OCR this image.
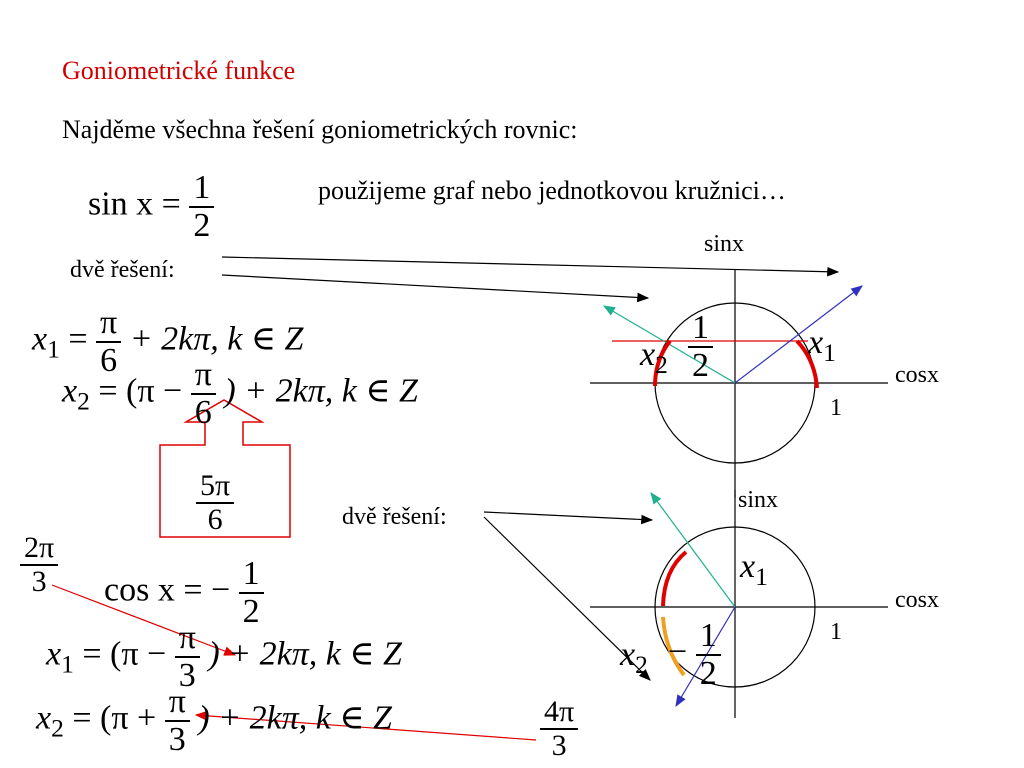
Goniometrické funkce
Najděme všechna řešení goniometrických rovnic:
použijeme graf nebo jednotkovou kružnici…
$\sin x = \frac{1}{2}$
dvě řešení:
$x_1 = \frac{\pi}{6} + 2k\pi$, k ∈ Z
$x_2 = (\pi - \frac{\pi}{6}$ ) + 2kπ, k ∈ Z
$\frac{5\pi}{6}$
$\frac{2\pi}{3}$ cos x = − $\frac{1}{2}$
$x_1 = (\pi - \frac{\pi}{3}$ ) + 2kπ, k ∈ Z
$x_2 = (\pi + \frac{\pi}{3}$ ) + 2kπ, k ∈ Z	$\frac{4\pi}{3}$
dvě řešení:
sinx
cosx
1
$\frac{1}{2}$	$x_1$
$x_2$
sinx
cosx
1
$x_1$
$x_2 - \frac{1}{2}$
